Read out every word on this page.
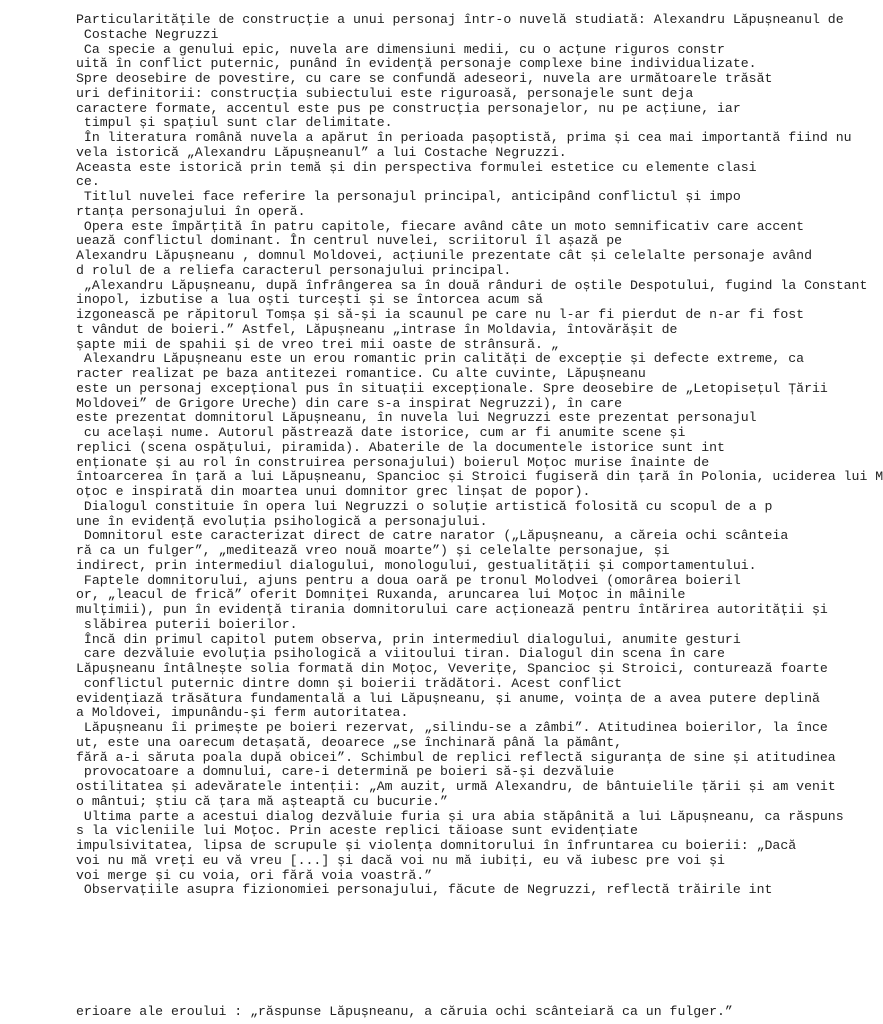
Particularitățile de construcție a unui personaj într-o nuvelă studiată: Alexandru Lăpușneanul de
Costache Negruzzi
Ca specie a genului epic, nuvela are dimensiuni medii, cu o acțune riguros constr
uită în conflict puternic, punând în evidență personaje complexe bine individualizate.
Spre deosebire de povestire, cu care se confundă adeseori, nuvela are următoarele trăsăt
uri definitorii: construcția subiectului este riguroasă, personajele sunt deja
caractere formate, accentul este pus pe construcția personajelor, nu pe acțiune, iar
timpul și spațiul sunt clar delimitate.
În literatura română nuvela a apărut în perioada pașoptistă, prima și cea mai importantă fiind nu
vela istorică „Alexandru Lăpușneanul” a lui Costache Negruzzi.
Aceasta este istorică prin temă și din perspectiva formulei estetice cu elemente clasi
ce.
Titlul nuvelei face referire la personajul principal, anticipând conflictul și impo
rtanța personajului în operă.
Opera este împărțită în patru capitole, fiecare având câte un moto semnificativ care accent
uează conflictul dominant. În centrul nuvelei, scriitorul îl așază pe
Alexandru Lăpușneanu , domnul Moldovei, acțiunile prezentate cât și celelalte personaje având
d rolul de a reliefa caracterul personajului principal.
„Alexandru Lăpușneanu, după înfrângerea sa în două rânduri de oștile Despotului, fugind la Constant
inopol, izbutise a lua oști turcești și se întorcea acum să
izgonească pe răpitorul Tomșa și să-și ia scaunul pe care nu l-ar fi pierdut de n-ar fi fost
t vândut de boieri.” Astfel, Lăpușneanu „intrase în Moldavia, întovărășit de
șapte mii de spahii și de vreo trei mii oaste de strânsură. „
Alexandru Lăpușneanu este un erou romantic prin calități de excepție și defecte extreme, ca
racter realizat pe baza antitezei romantice. Cu alte cuvinte, Lăpușneanu
este un personaj excepțional pus în situații excepționale. Spre deosebire de „Letopisețul Țării
Moldovei” de Grigore Ureche) din care s-a inspirat Negruzzi), în care
este prezentat domnitorul Lăpușneanu, în nuvela lui Negruzzi este prezentat personajul
cu același nume. Autorul păstrează date istorice, cum ar fi anumite scene și
replici (scena ospățului, piramida). Abaterile de la documentele istorice sunt int
enționate și au rol în construirea personajului) boierul Moțoc murise înainte de
întoarcerea în țară a lui Lăpușneanu, Spancioc și Stroici fugiseră din țară în Polonia, uciderea lui M
oțoc e inspirată din moartea unui domnitor grec linșat de popor).
Dialogul constituie în opera lui Negruzzi o soluție artistică folosită cu scopul de a p
une în evidență evoluția psihologică a personajului.
Domnitorul este caracterizat direct de catre narator („Lăpușneanu, a căreia ochi scânteia
ră ca un fulger”, „meditează vreo nouă moarte”) și celelalte personajue, și
indirect, prin intermediul dialogului, monologului, gestualității și comportamentului.
Faptele domnitorului, ajuns pentru a doua oară pe tronul Molodvei (omorârea boieril
or, „leacul de frică” oferit Domniței Ruxanda, aruncarea lui Moțoc in mâinile
mulțimii), pun în evidență tirania domnitorului care acționează pentru întărirea autorității și
slăbirea puterii boierilor.
Încă din primul capitol putem observa, prin intermediul dialogului, anumite gesturi
care dezvăluie evoluția psihologică a viitoului tiran. Dialogul din scena în care
Lăpușneanu întâlnește solia formată din Moțoc, Veverițe, Spancioc și Stroici, conturează foarte
conflictul puternic dintre domn și boierii trădători. Acest conflict
evidențiază trăsătura fundamentală a lui Lăpușneanu, și anume, voința de a avea putere deplină
a Moldovei, impunându-și ferm autoritatea.
Lăpușneanu îi primește pe boieri rezervat, „silindu-se a zâmbi”. Atitudinea boierilor, la înce
ut, este una oarecum detașată, deoarece „se închinară până la pământ,
fără a-i săruta poala după obicei”. Schimbul de replici reflectă siguranța de sine și atitudinea
provocatoare a domnului, care-i determină pe boieri să-și dezvăluie
ostilitatea și adevăratele intenții: „Am auzit, urmă Alexandru, de bântuielile țării și am venit
o mântui; știu că țara mă așteaptă cu bucurie.”
Ultima parte a acestui dialog dezvăluie furia și ura abia stăpânită a lui Lăpușneanu, ca răspuns
s la vicleniile lui Moțoc. Prin aceste replici tăioase sunt evidențiate
impulsivitatea, lipsa de scrupule și violența domnitorului în înfruntarea cu boierii: „Dacă
voi nu mă vreți eu vă vreu [...] și dacă voi nu mă iubiți, eu vă iubesc pre voi și
voi merge și cu voia, ori fără voia voastră.”
Observațiile asupra fizionomiei personajului, făcute de Negruzzi, reflectă trăirile int
erioare ale eroului : „răspunse Lăpușneanu, a căruia ochi scânteiară ca un fulger.”
